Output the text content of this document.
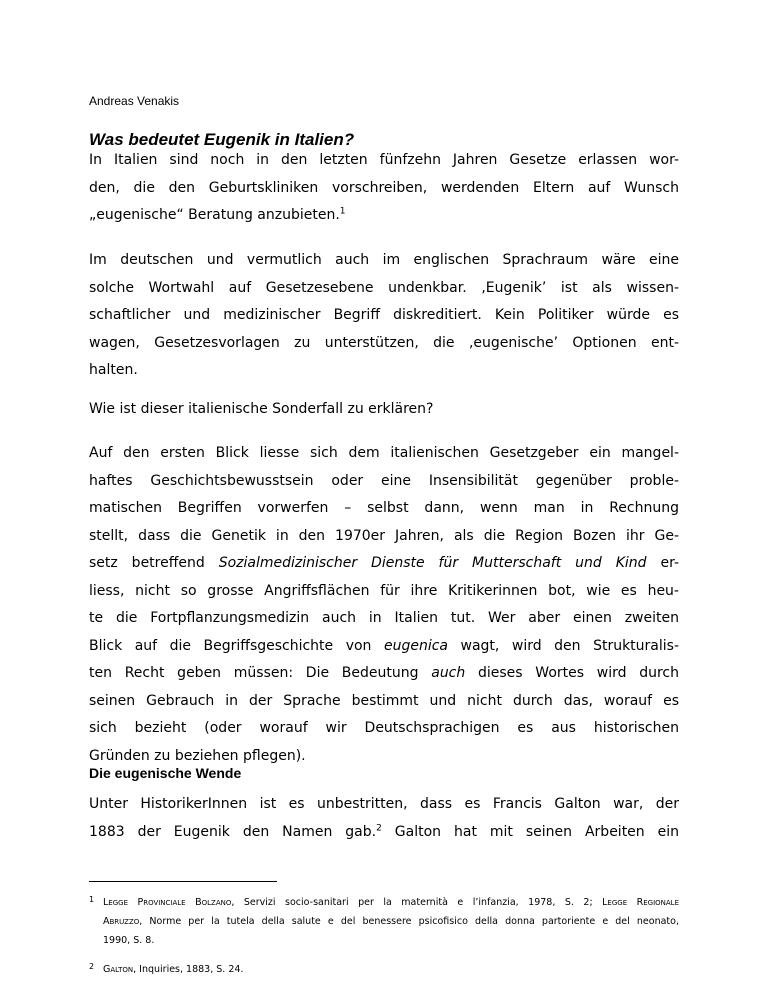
Andreas Venakis
Was bedeutet Eugenik in Italien?

In Italien sind noch in den letzten fünfzehn Jahren Gesetze erlassen wor-
den, die den Geburtskliniken vorschreiben, werdenden Eltern auf Wunsch
„eugenische“ Beratung anzubieten.$^1$

Im deutschen und vermutlich auch im englischen Sprachraum wäre eine
solche Wortwahl auf Gesetzesebene undenkbar. ‚Eugenik’ ist als wissen-
schaftlicher und medizinischer Begriff diskreditiert. Kein Politiker würde es
wagen, Gesetzesvorlagen zu unterstützen, die ‚eugenische’ Optionen ent-
halten.

Wie ist dieser italienische Sonderfall zu erklären?

Auf den ersten Blick liesse sich dem italienischen Gesetzgeber ein mangel-
haftes Geschichtsbewusstsein oder eine Insensibilität gegenüber proble-
matischen Begriffen vorwerfen – selbst dann, wenn man in Rechnung
stellt, dass die Genetik in den 1970er Jahren, als die Region Bozen ihr Ge-
setz betreffend Sozialmedizinischer Dienste für Mutterschaft und Kind er-
liess, nicht so grosse Angriffsflächen für ihre Kritikerinnen bot, wie es heu-
te die Fortpflanzungsmedizin auch in Italien tut. Wer aber einen zweiten
Blick auf die Begriffsgeschichte von eugenica wagt, wird den Strukturalis-
ten Recht geben müssen: Die Bedeutung auch dieses Wortes wird durch
seinen Gebrauch in der Sprache bestimmt und nicht durch das, worauf es
sich bezieht (oder worauf wir Deutschsprachigen es aus historischen
Gründen zu beziehen pflegen).

Die eugenische Wende

Unter HistorikerInnen ist es unbestritten, dass es Francis Galton war, der
1883 der Eugenik den Namen gab.$^2$ Galton hat mit seinen Arbeiten ein

1 Legge Provinciale Bolzano, Servizi socio-sanitari per la maternità e l’infanzia, 1978, S. 2; Legge Regionale
Abruzzo, Norme per la tutela della salute e del benessere psicofisico della donna partoriente e del neonato,
1990, S. 8.
2 Galton, Inquiries, 1883, S. 24.
